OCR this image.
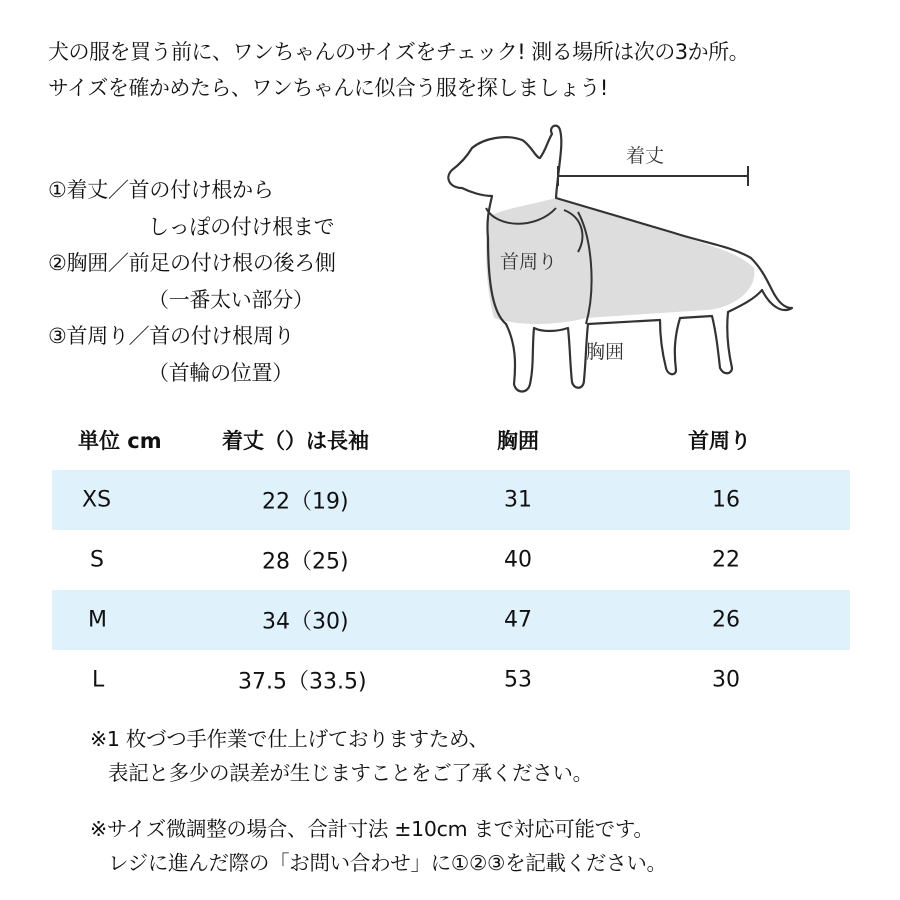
犬の服を買う前に、ワンちゃんのサイズをチェック! 測る場所は次の3か所。
サイズを確かめたら、ワンちゃんに似合う服を探しましょう!
①着丈／首の付け根から
しっぽの付け根まで
②胸囲／前足の付け根の後ろ側
（一番太い部分）
③首周り／首の付け根周り
（首輪の位置）
着丈
首周り
胸囲
単位 cm	着丈（）は長袖	胸囲	首周り
XS	22（19)	31	16
S	28（25)	40	22
M	34（30)	47	26
L	37.5（33.5)	53	30
※1 枚づつ手作業で仕上げておりますため、
表記と多少の誤差が生じますことをご了承ください。
※サイズ微調整の場合、合計寸法 ±10cm まで対応可能です。
レジに進んだ際の「お問い合わせ」に①②③を記載ください。
